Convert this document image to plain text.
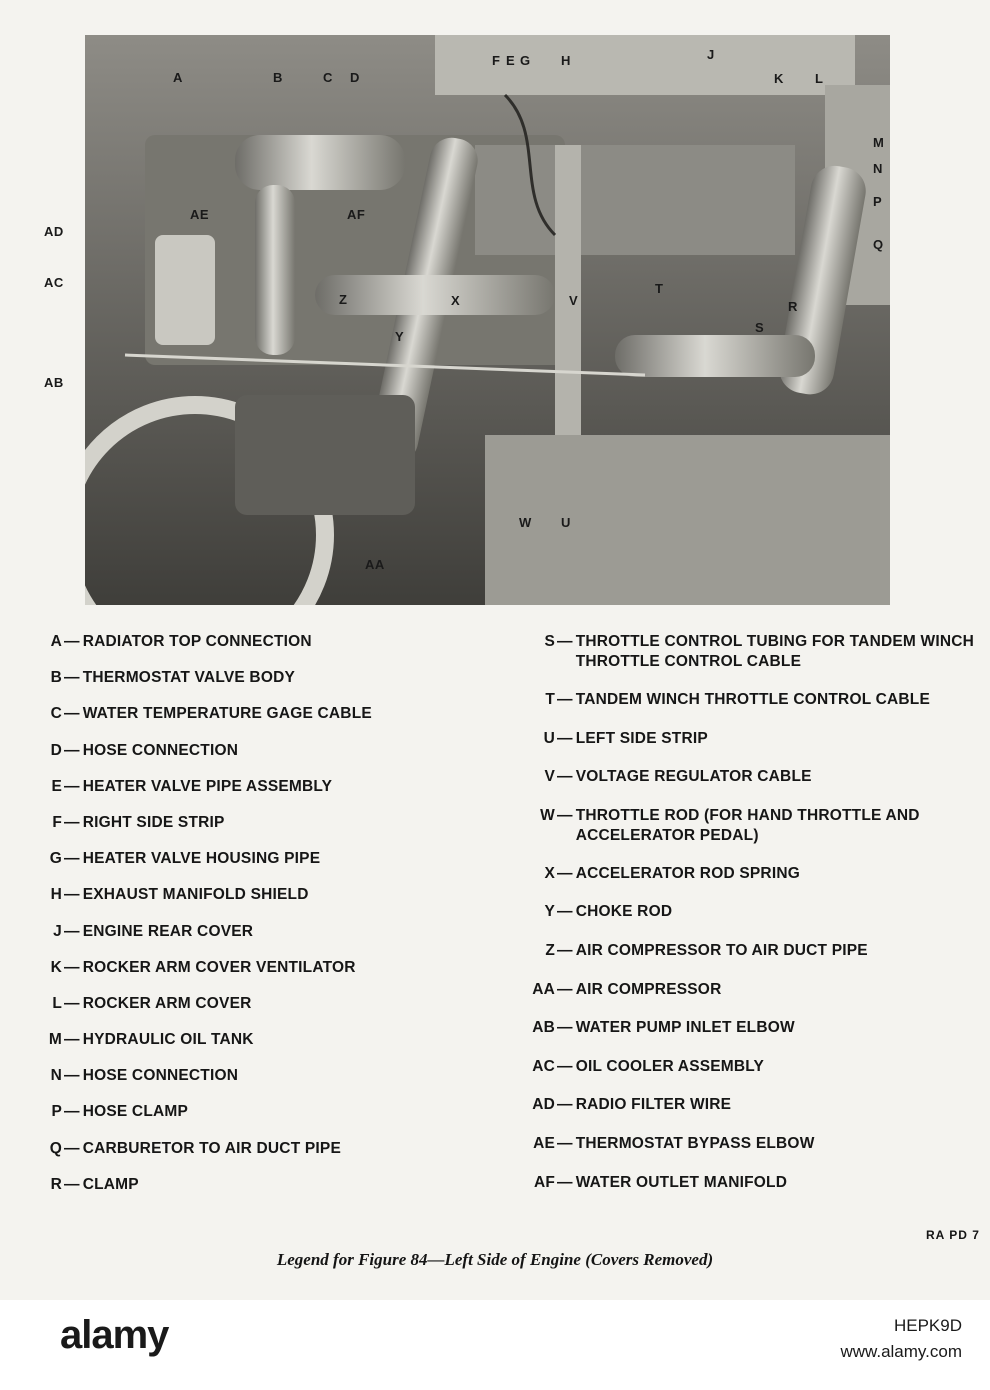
A	B	C D
F E G H	J
K L
M
N
P
Q
AE	AF
Z	X	V
T
R
S
Y
W U
AA
AD
AC
AB
A — RADIATOR TOP CONNECTION
B — THERMOSTAT VALVE BODY
C — WATER TEMPERATURE GAGE CABLE
D — HOSE CONNECTION
E — HEATER VALVE PIPE ASSEMBLY
F — RIGHT SIDE STRIP
G — HEATER VALVE HOUSING PIPE
H — EXHAUST MANIFOLD SHIELD
J — ENGINE REAR COVER
K — ROCKER ARM COVER VENTILATOR
L — ROCKER ARM COVER
M — HYDRAULIC OIL TANK
N — HOSE CONNECTION
P — HOSE CLAMP
Q — CARBURETOR TO AIR DUCT PIPE
R — CLAMP
S — THROTTLE CONTROL TUBING FOR TANDEM WINCH THROTTLE CONTROL CABLE
T — TANDEM WINCH THROTTLE CONTROL CABLE
U — LEFT SIDE STRIP
V — VOLTAGE REGULATOR CABLE
W — THROTTLE ROD (FOR HAND THROTTLE AND ACCELERATOR PEDAL)
X — ACCELERATOR ROD SPRING
Y — CHOKE ROD
Z — AIR COMPRESSOR TO AIR DUCT PIPE
AA — AIR COMPRESSOR
AB — WATER PUMP INLET ELBOW
AC — OIL COOLER ASSEMBLY
AD — RADIO FILTER WIRE
AE — THERMOSTAT BYPASS ELBOW
AF — WATER OUTLET MANIFOLD
RA PD 7
Legend for Figure 84—Left Side of Engine (Covers Removed)
alamy	HEPK9D
www.alamy.com
